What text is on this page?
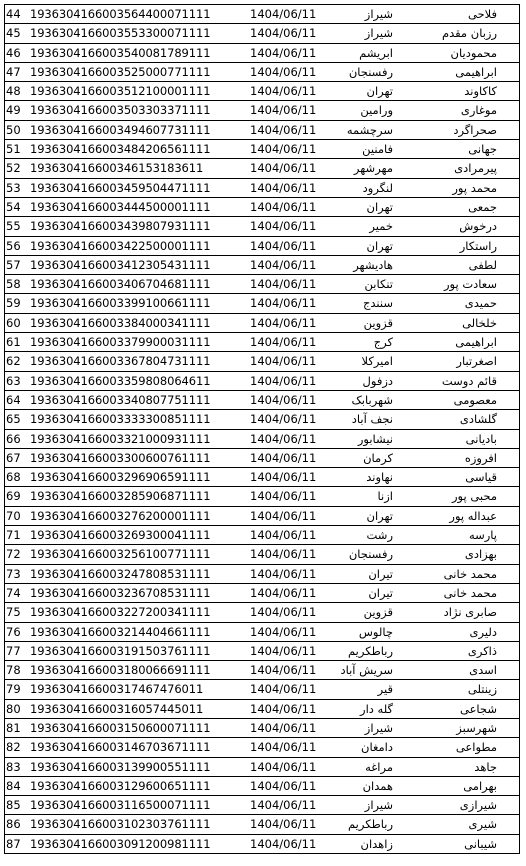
44 1936304166003564400071111	1404/06/11	شیراز	فلاحی
45 1936304166003553300071111	1404/06/11	شیراز	رزبان مقدم
46 1936304166003540081789111	1404/06/11	ابریشم	محمودیان
47 1936304166003525000771111	1404/06/11	رفسنجان	ابراهیمی
48 1936304166003512100001111	1404/06/11	تهران	کاکاوند
49 1936304166003503303371111	1404/06/11	ورامین	موغاری
50 1936304166003494607731111	1404/06/11	سرچشمه	صحراگرد
51 1936304166003484206561111	1404/06/11	فامنین	جهانی
52 193630416600346153183611	1404/06/11	مهرشهر	پیرمرادی
53 1936304166003459504471111	1404/06/11	لنگرود	محمد پور
54 1936304166003444500001111	1404/06/11	تهران	جمعی
55 1936304166003439807931111	1404/06/11	خمیر	درخوش
56 1936304166003422500001111	1404/06/11	تهران	راستکار
57 1936304166003412305431111	1404/06/11	هادیشهر	لطفی
58 1936304166003406704681111	1404/06/11	تنکابن	سعادت پور
59 1936304166003399100661111	1404/06/11	سنندج	حمیدی
60 1936304166003384000341111	1404/06/11	قزوین	خلخالی
61 1936304166003379900031111	1404/06/11	کرج	ابراهیمی
62 1936304166003367804731111	1404/06/11	امیرکلا	اصغرتبار
63 1936304166003359808064611	1404/06/11	دزفول	قائم دوست
64 1936304166003340807751111	1404/06/11	شهربابک	معصومی
65 1936304166003333300851111	1404/06/11	نجف آباد	گلشادی
66 1936304166003321000931111	1404/06/11	نیشابور	بادیانی
67 1936304166003300600761111	1404/06/11	کرمان	افروزه
68 1936304166003296906591111	1404/06/11	نهاوند	قیاسی
69 1936304166003285906871111	1404/06/11	ازنا	محبی پور
70 1936304166003276200001111	1404/06/11	تهران	عبداله پور
71 1936304166003269300041111	1404/06/11	رشت	پارسه
72 1936304166003256100771111	1404/06/11	رفسنجان	بهزادی
73 1936304166003247808531111	1404/06/11	تیران	محمد خانی
74 1936304166003236708531111	1404/06/11	تیران	محمد خانی
75 1936304166003227200341111	1404/06/11	قزوین	صابری نژاد
76 1936304166003214404661111	1404/06/11	چالوس	دلیری
77 1936304166003191503761111	1404/06/11	رباطکریم	ذاکری
78 1936304166003180066691111	1404/06/11	سریش آباد	اسدی
79 193630416600317467476011	1404/06/11	قیر	زینتلی
80 193630416600316057445011	1404/06/11	گله دار	شجاعی
81 1936304166003150600071111	1404/06/11	شیراز	شهرسبز
82 1936304166003146703671111	1404/06/11	دامغان	مطواعی
83 1936304166003139900551111	1404/06/11	مراغه	جاهد
84 1936304166003129600651111	1404/06/11	همدان	بهرامی
85 1936304166003116500071111	1404/06/11	شیراز	شیرازی
86 1936304166003102303761111	1404/06/11	رباطکریم	شیری
87 1936304166003091200981111	1404/06/11	زاهدان	شیبانی
